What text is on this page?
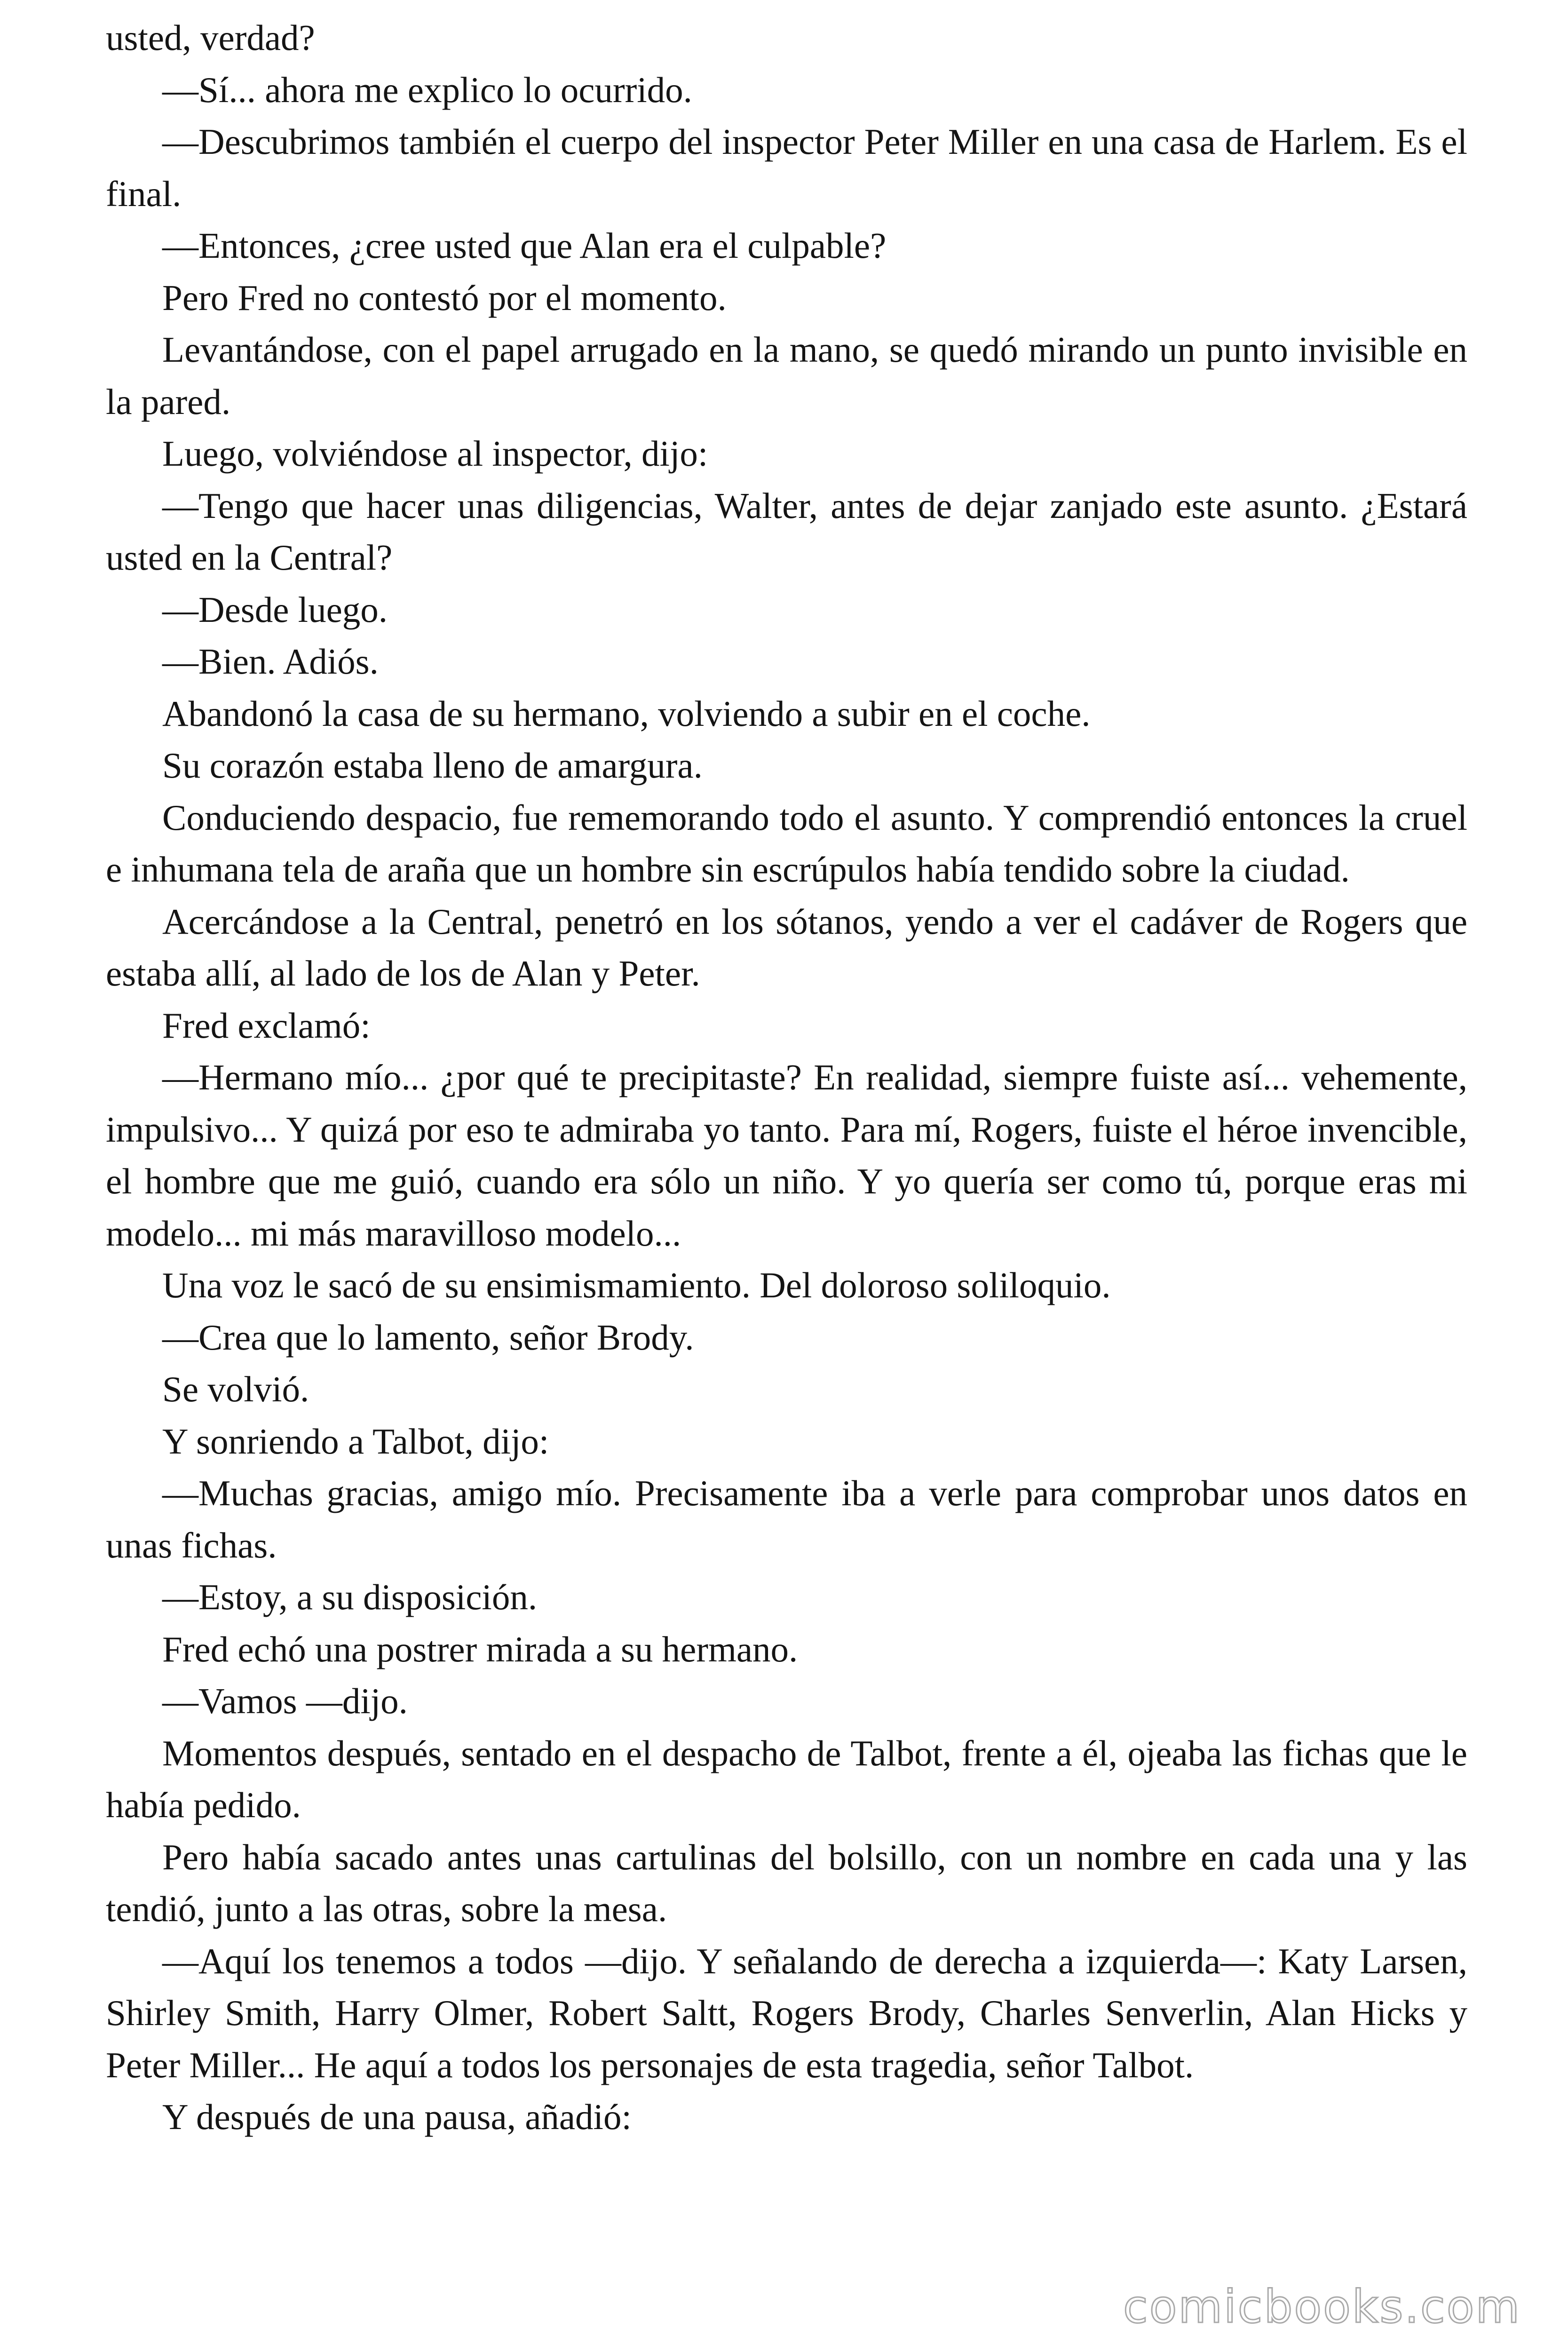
usted, verdad?

—Sí... ahora me explico lo ocurrido.

—Descubrimos también el cuerpo del inspector Peter Miller en una casa de Harlem. Es el final.

—Entonces, ¿cree usted que Alan era el culpable?

Pero Fred no contestó por el momento.

Levantándose, con el papel arrugado en la mano, se quedó mirando un punto invisible en la pared.

Luego, volviéndose al inspector, dijo:

—Tengo que hacer unas diligencias, Walter, antes de dejar zanjado este asunto. ¿Estará usted en la Central?

—Desde luego.

—Bien. Adiós.

Abandonó la casa de su hermano, volviendo a subir en el coche.

Su corazón estaba lleno de amargura.

Conduciendo despacio, fue rememorando todo el asunto. Y comprendió entonces la cruel e inhumana tela de araña que un hombre sin escrúpulos había tendido sobre la ciudad.

Acercándose a la Central, penetró en los sótanos, yendo a ver el cadáver de Rogers que estaba allí, al lado de los de Alan y Peter.

Fred exclamó:

—Hermano mío... ¿por qué te precipitaste? En realidad, siempre fuiste así... vehemente, impulsivo... Y quizá por eso te admiraba yo tanto. Para mí, Rogers, fuiste el héroe invencible, el hombre que me guió, cuando era sólo un niño. Y yo quería ser como tú, porque eras mi modelo... mi más maravilloso modelo...

Una voz le sacó de su ensimismamiento. Del doloroso soliloquio.

—Crea que lo lamento, señor Brody.

Se volvió.

Y sonriendo a Talbot, dijo:

—Muchas gracias, amigo mío. Precisamente iba a verle para comprobar unos datos en unas fichas.

—Estoy, a su disposición.

Fred echó una postrer mirada a su hermano.

—Vamos —dijo.

Momentos después, sentado en el despacho de Talbot, frente a él, ojeaba las fichas que le había pedido.

Pero había sacado antes unas cartulinas del bolsillo, con un nombre en cada una y las tendió, junto a las otras, sobre la mesa.

—Aquí los tenemos a todos —dijo. Y señalando de derecha a izquierda—: Katy Larsen, Shirley Smith, Harry Olmer, Robert Saltt, Rogers Brody, Charles Senverlin, Alan Hicks y Peter Miller... He aquí a todos los personajes de esta tragedia, señor Talbot.

Y después de una pausa, añadió:

comicbooks.com
